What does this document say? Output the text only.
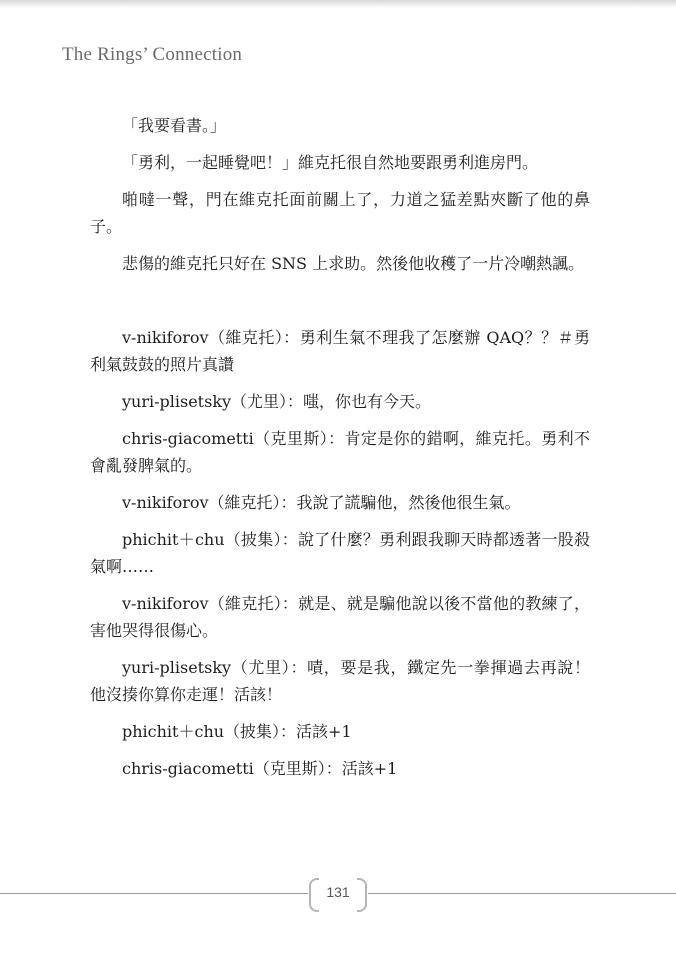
The Rings’ Connection

「我要看書。」

「勇利，一起睡覺吧！」維克托很自然地要跟勇利進房門。

啪噠一聲，門在維克托面前關上了，力道之猛差點夾斷了他的鼻子。

悲傷的維克托只好在 SNS 上求助。然後他收穫了一片冷嘲熱諷。

v-nikiforov（維克托）：勇利生氣不理我了怎麼辦 QAQ？？＃勇利氣鼓鼓的照片真讚

yuri-plisetsky（尤里）：嗤，你也有今天。

chris-giacometti（克里斯）：肯定是你的錯啊，維克托。勇利不會亂發脾氣的。

v-nikiforov（維克托）：我說了謊騙他，然後他很生氣。

phichit＋chu（披集）：說了什麼？勇利跟我聊天時都透著一股殺氣啊……

v-nikiforov（維克托）：就是、就是騙他說以後不當他的教練了，害他哭得很傷心。

yuri-plisetsky（尤里）：嘖，要是我，鐵定先一拳揮過去再說！他沒揍你算你走運！活該！

phichit＋chu（披集）：活該+1

chris-giacometti（克里斯）：活該+1

131
